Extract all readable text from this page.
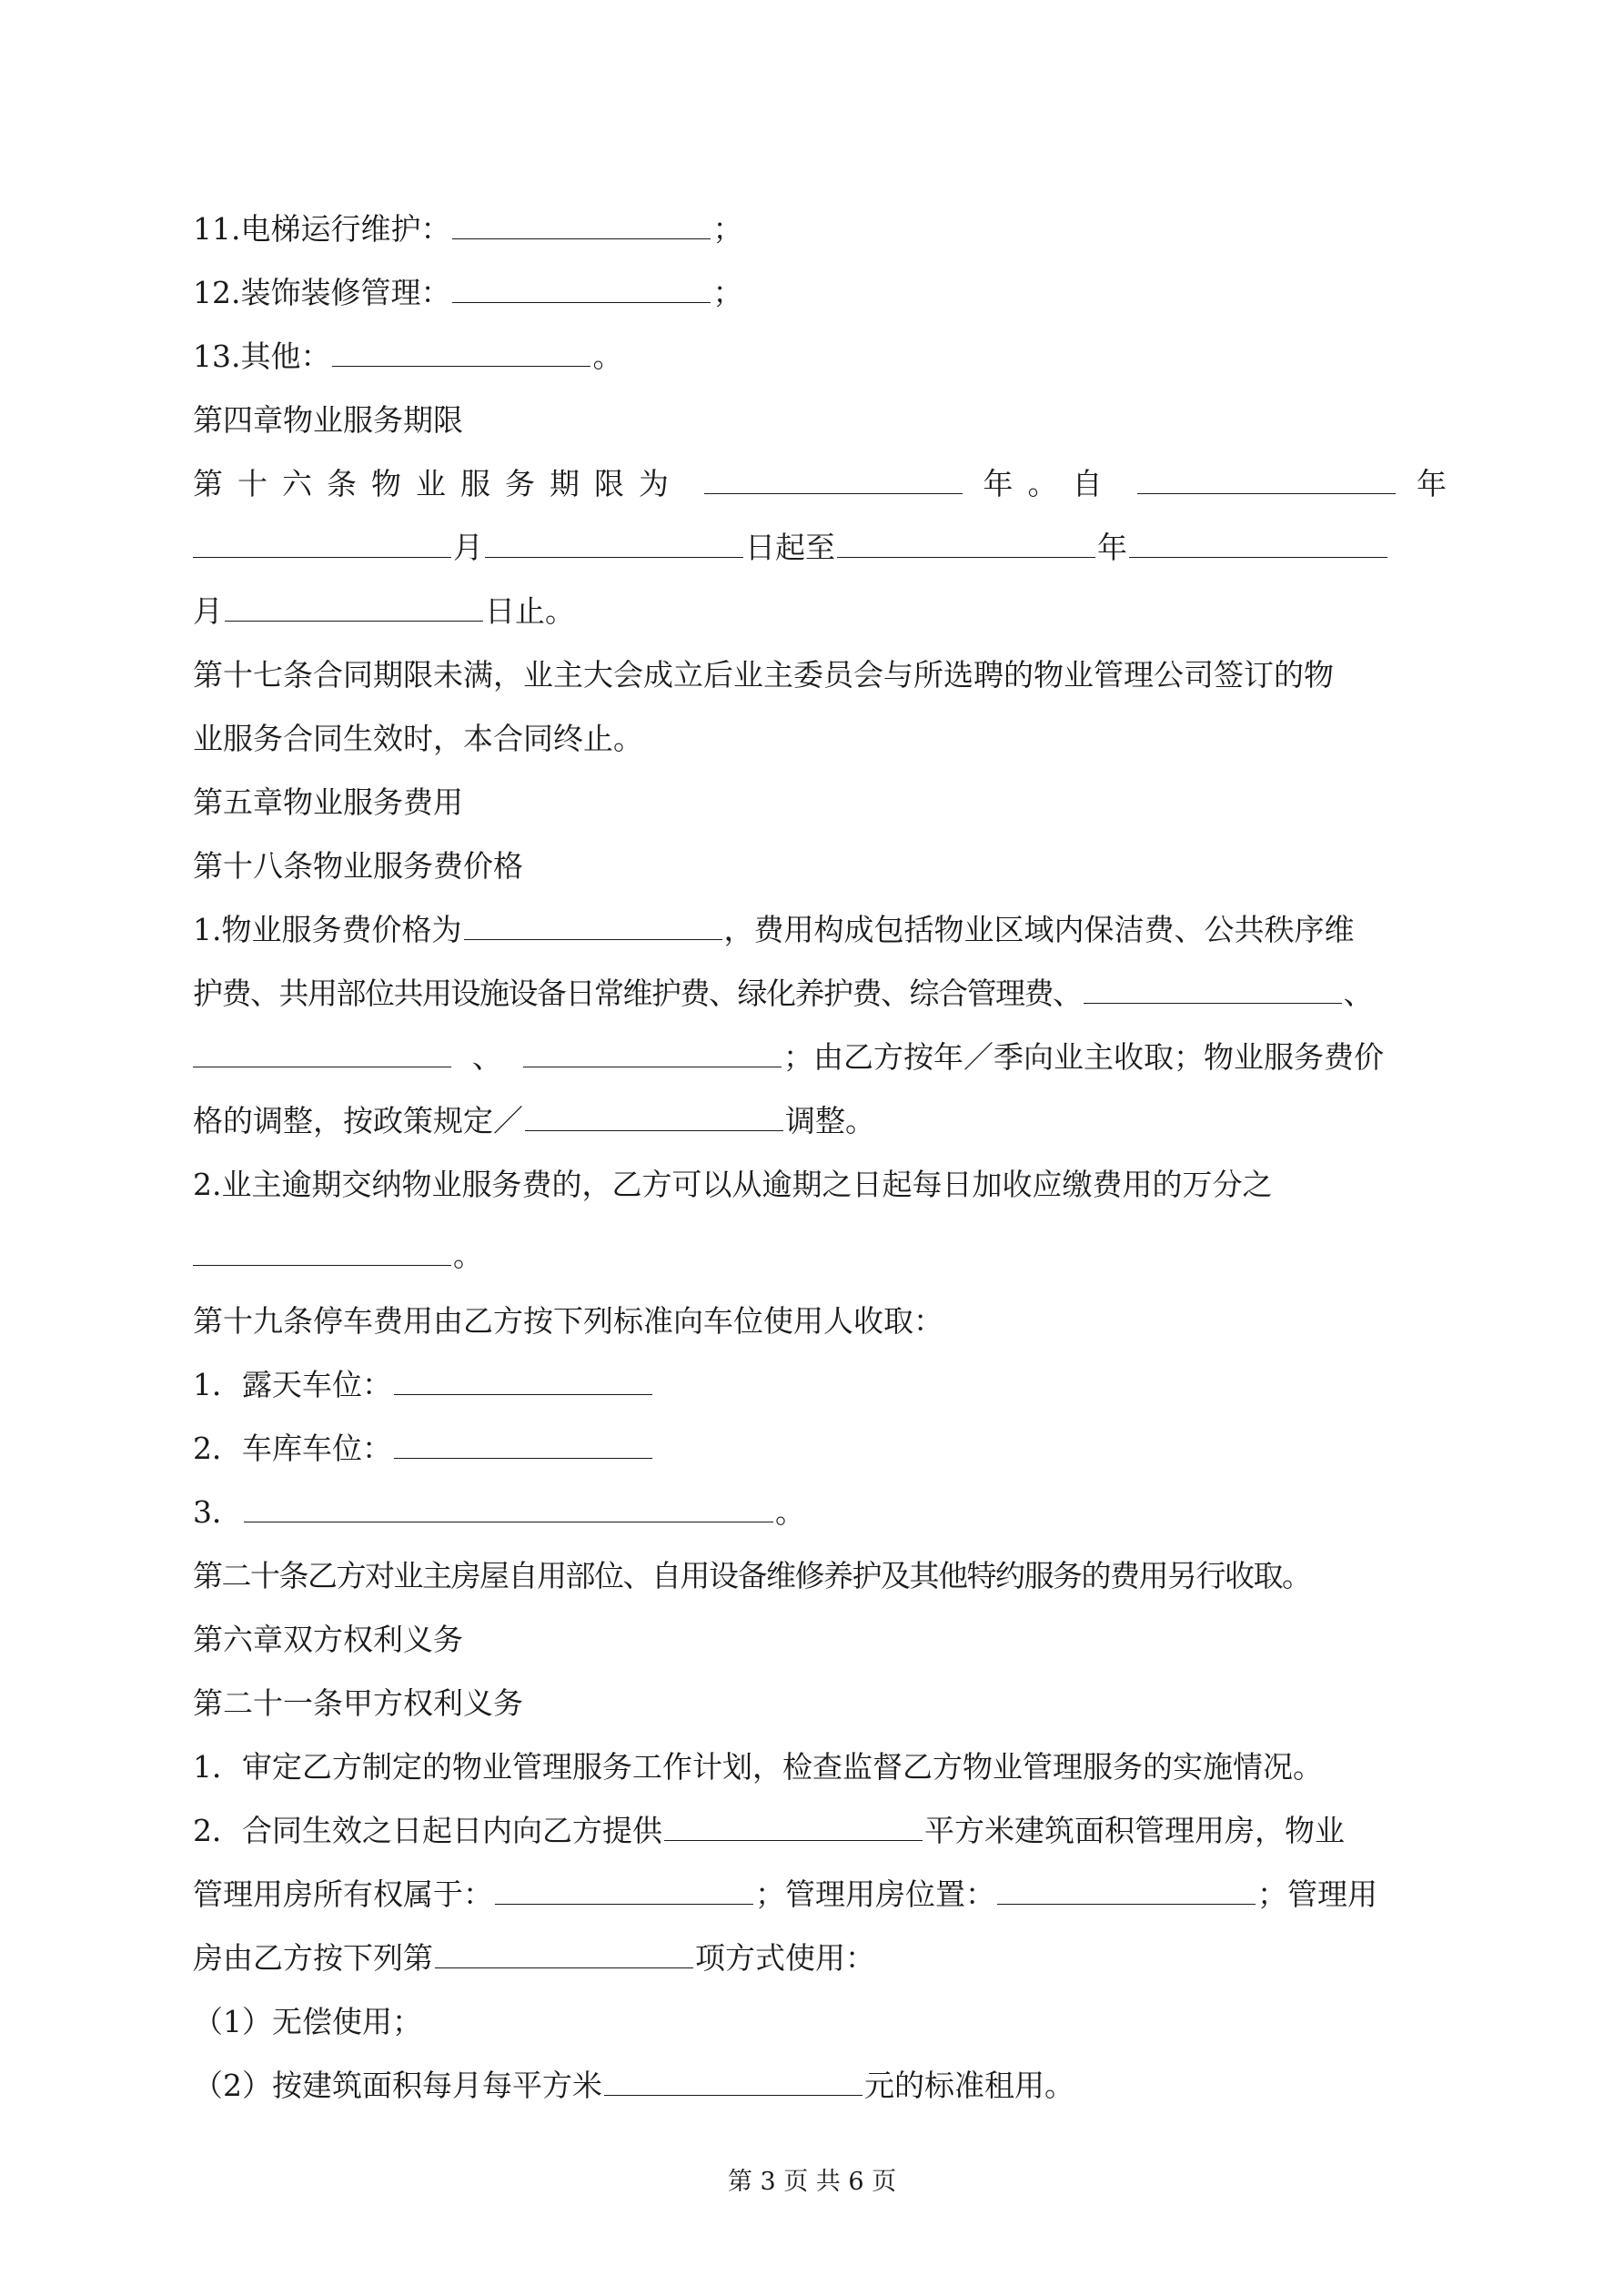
11.电梯运行维护：	；
12.装饰装修管理：	；
13.其他：	。
第四章物业服务期限
第十六条物业服务期限为	年。自	年
月	日起至	年
月	日止。
第十七条合同期限未满，业主大会成立后业主委员会与所选聘的物业管理公司签订的物
业服务合同生效时，本合同终止。
第五章物业服务费用
第十八条物业服务费价格
1.物业服务费价格为	，费用构成包括物业区域内保洁费、公共秩序维
护费、共用部位共用设施设备日常维护费、绿化养护费、综合管理费、	、
、	；由乙方按年／季向业主收取；物业服务费价
格的调整，按政策规定／	调整。
2.业主逾期交纳物业服务费的，乙方可以从逾期之日起每日加收应缴费用的万分之
。
第十九条停车费用由乙方按下列标准向车位使用人收取：
1．露天车位：
2．车库车位：
3．	。
第二十条乙方对业主房屋自用部位、自用设备维修养护及其他特约服务的费用另行收取。
第六章双方权利义务
第二十一条甲方权利义务
1．审定乙方制定的物业管理服务工作计划，检查监督乙方物业管理服务的实施情况。
2．合同生效之日起日内向乙方提供	平方米建筑面积管理用房，物业
管理用房所有权属于：	；管理用房位置：	；管理用
房由乙方按下列第	项方式使用：
（1）无偿使用；
（2）按建筑面积每月每平方米	元的标准租用。
第 3 页 共 6 页
